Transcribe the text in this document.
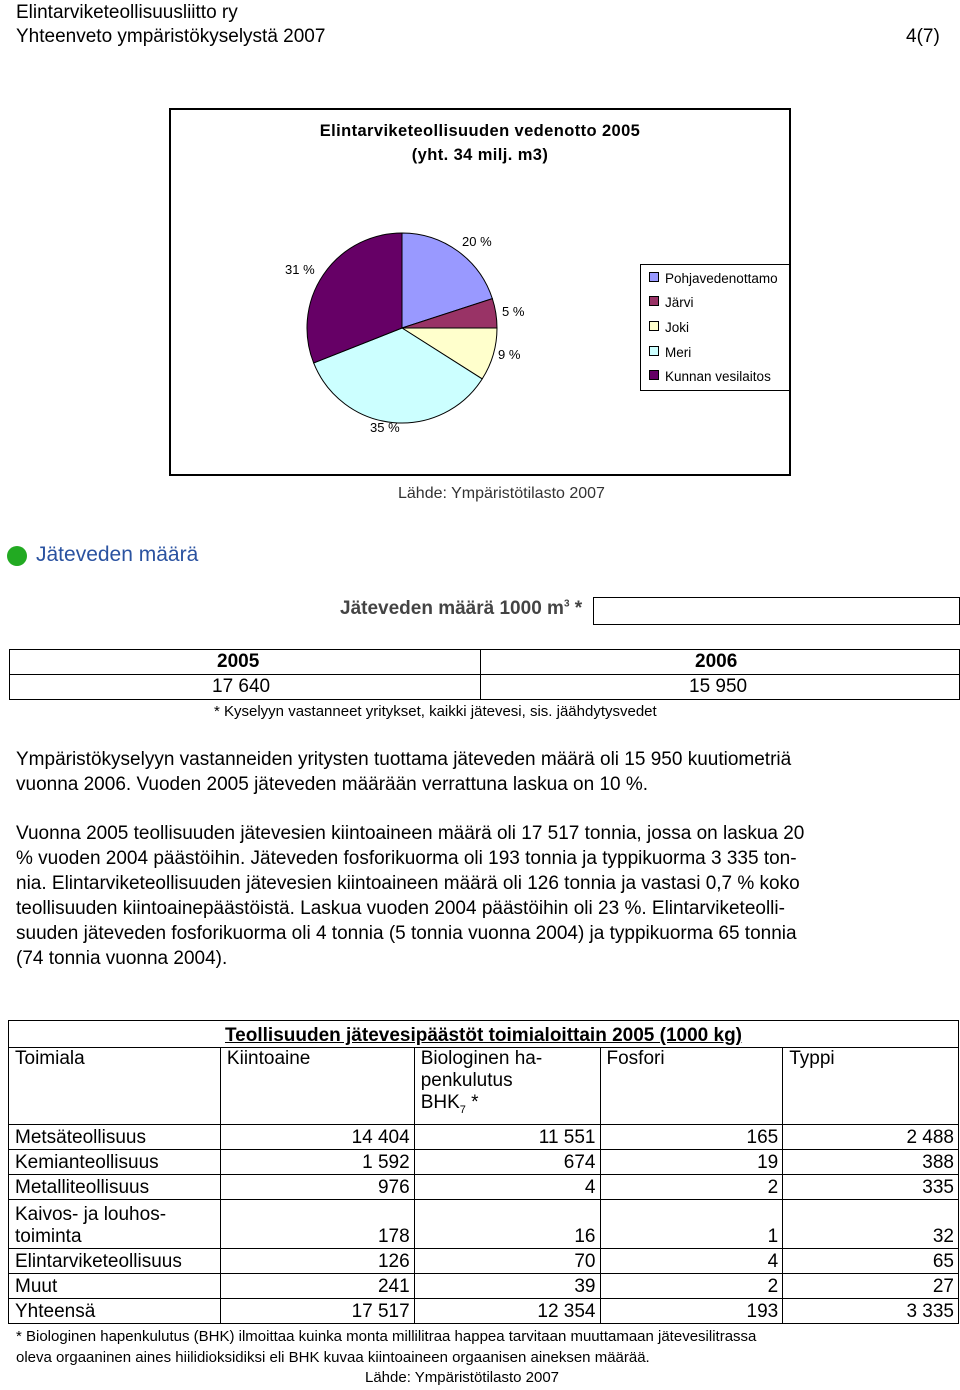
Elintarviketeollisuusliitto ry
Yhteenveto ympäristökyselystä 2007	4(7)
Elintarviketeollisuuden vedenotto 2005
(yht. 34 milj. m3)
20 %
5 %
9 %
35 %
31 %
Pohjavedenottamo
Järvi
Joki
Meri
Kunnan vesilaitos
Lähde: Ympäristötilasto 2007
Jäteveden määrä
Jäteveden määrä 1000 $m^3$ *
2005	2006
17 640	15 950
* Kyselyyn vastanneet yritykset, kaikki jätevesi, sis. jäähdytysvedet
Ympäristökyselyyn vastanneiden yritysten tuottama jäteveden määrä oli 15 950 kuutiometriä
vuonna 2006. Vuoden 2005 jäteveden määrään verrattuna laskua on 10 %.
Vuonna 2005 teollisuuden jätevesien kiintoaineen määrä oli 17 517 tonnia, jossa on laskua 20
% vuoden 2004 päästöihin. Jäteveden fosforikuorma oli 193 tonnia ja typpikuorma 3 335 ton-
nia. Elintarviketeollisuuden jätevesien kiintoaineen määrä oli 126 tonnia ja vastasi 0,7 % koko
teollisuuden kiintoainepäästöistä. Laskua vuoden 2004 päästöihin oli 23 %. Elintarviketeolli-
suuden jäteveden fosforikuorma oli 4 tonnia (5 tonnia vuonna 2004) ja typpikuorma 65 tonnia
(74 tonnia vuonna 2004).
Teollisuuden jätevesipäästöt toimialoittain 2005 (1000 kg)				
Toimiala	Kiintoaine	Biologinen ha-
penkulutus
$BHK_7$ *	Fosfori	Typpi
Metsäteollisuus	14 404	11 551	165	2 488
Kemianteollisuus	1 592	674	19	388
Metalliteollisuus	976	4	2	335

Kaivos- ja louhos-
toiminta	178	16	1	32
Elintarviketeollisuus	126	70	4	65
Muut	241	39	2	27
Yhteensä	17 517	12 354	193	3 335
* Biologinen hapenkulutus (BHK) ilmoittaa kuinka monta millilitraa happea tarvitaan muuttamaan jätevesilitrassa
oleva orgaaninen aines hiilidioksidiksi eli BHK kuvaa kiintoaineen orgaanisen aineksen määrää.
Lähde: Ympäristötilasto 2007
